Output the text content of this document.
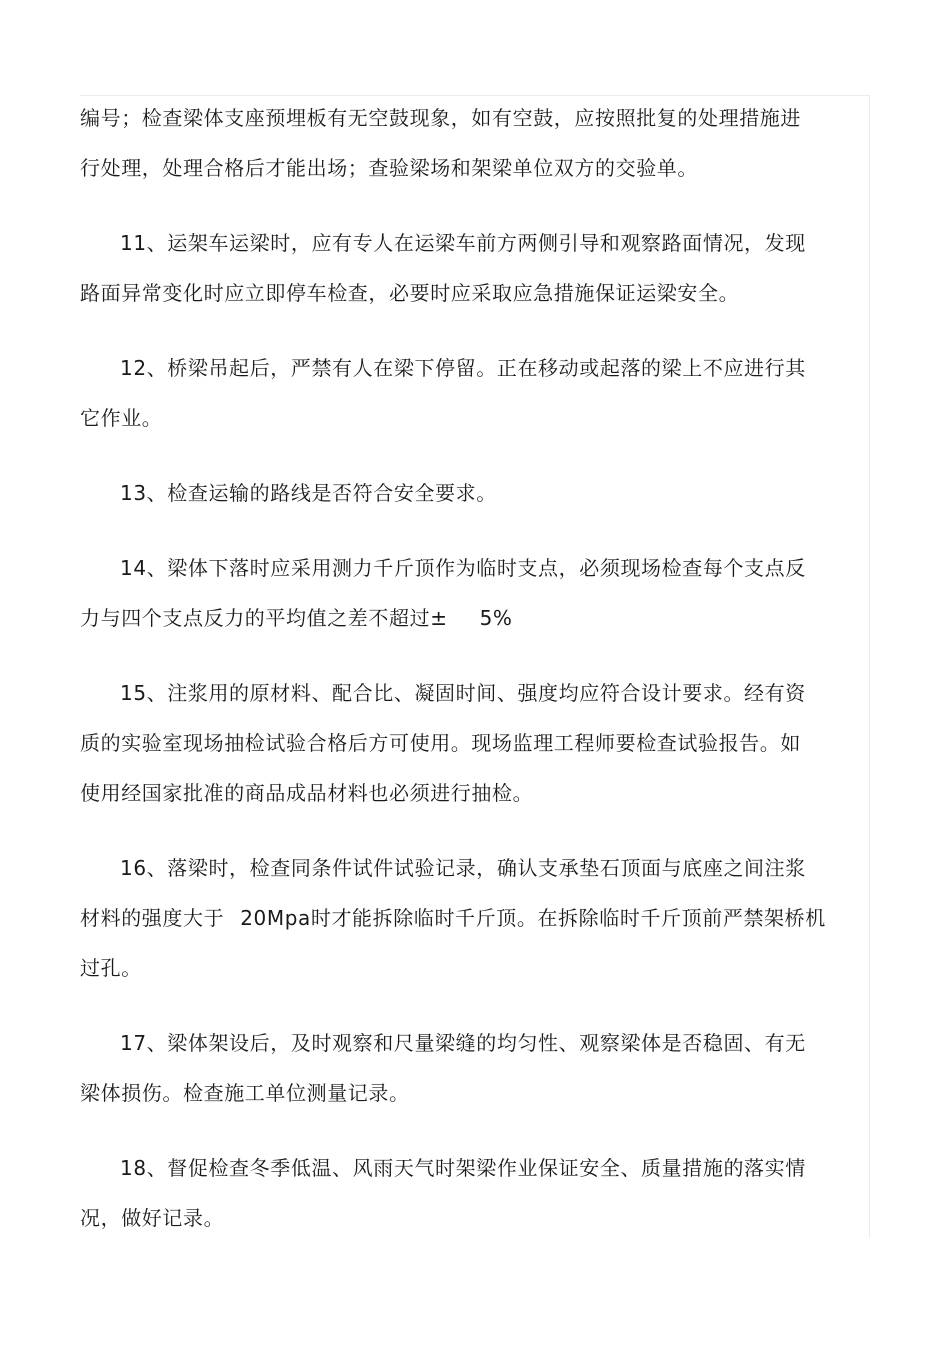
编号；检查梁体支座预埋板有无空鼓现象，如有空鼓，应按照批复的处理措施进
行处理，处理合格后才能出场；查验梁场和架梁单位双方的交验单。
11、运架车运梁时，应有专人在运梁车前方两侧引导和观察路面情况，发现
路面异常变化时应立即停车检查，必要时应采取应急措施保证运梁安全。
12、桥梁吊起后，严禁有人在梁下停留。正在移动或起落的梁上不应进行其
它作业。
13、检查运输的路线是否符合安全要求。
14、梁体下落时应采用测力千斤顶作为临时支点，必须现场检查每个支点反
力与四个支点反力的平均值之差不超过± 5%
15、注浆用的原材料、配合比、凝固时间、强度均应符合设计要求。经有资
质的实验室现场抽检试验合格后方可使用。现场监理工程师要检查试验报告。如
使用经国家批准的商品成品材料也必须进行抽检。
16、落梁时，检查同条件试件试验记录，确认支承垫石顶面与底座之间注浆
材料的强度大于 20Mpa时才能拆除临时千斤顶。在拆除临时千斤顶前严禁架桥机
过孔。
17、梁体架设后，及时观察和尺量梁缝的均匀性、观察梁体是否稳固、有无
梁体损伤。检查施工单位测量记录。
18、督促检查冬季低温、风雨天气时架梁作业保证安全、质量措施的落实情
况，做好记录。
